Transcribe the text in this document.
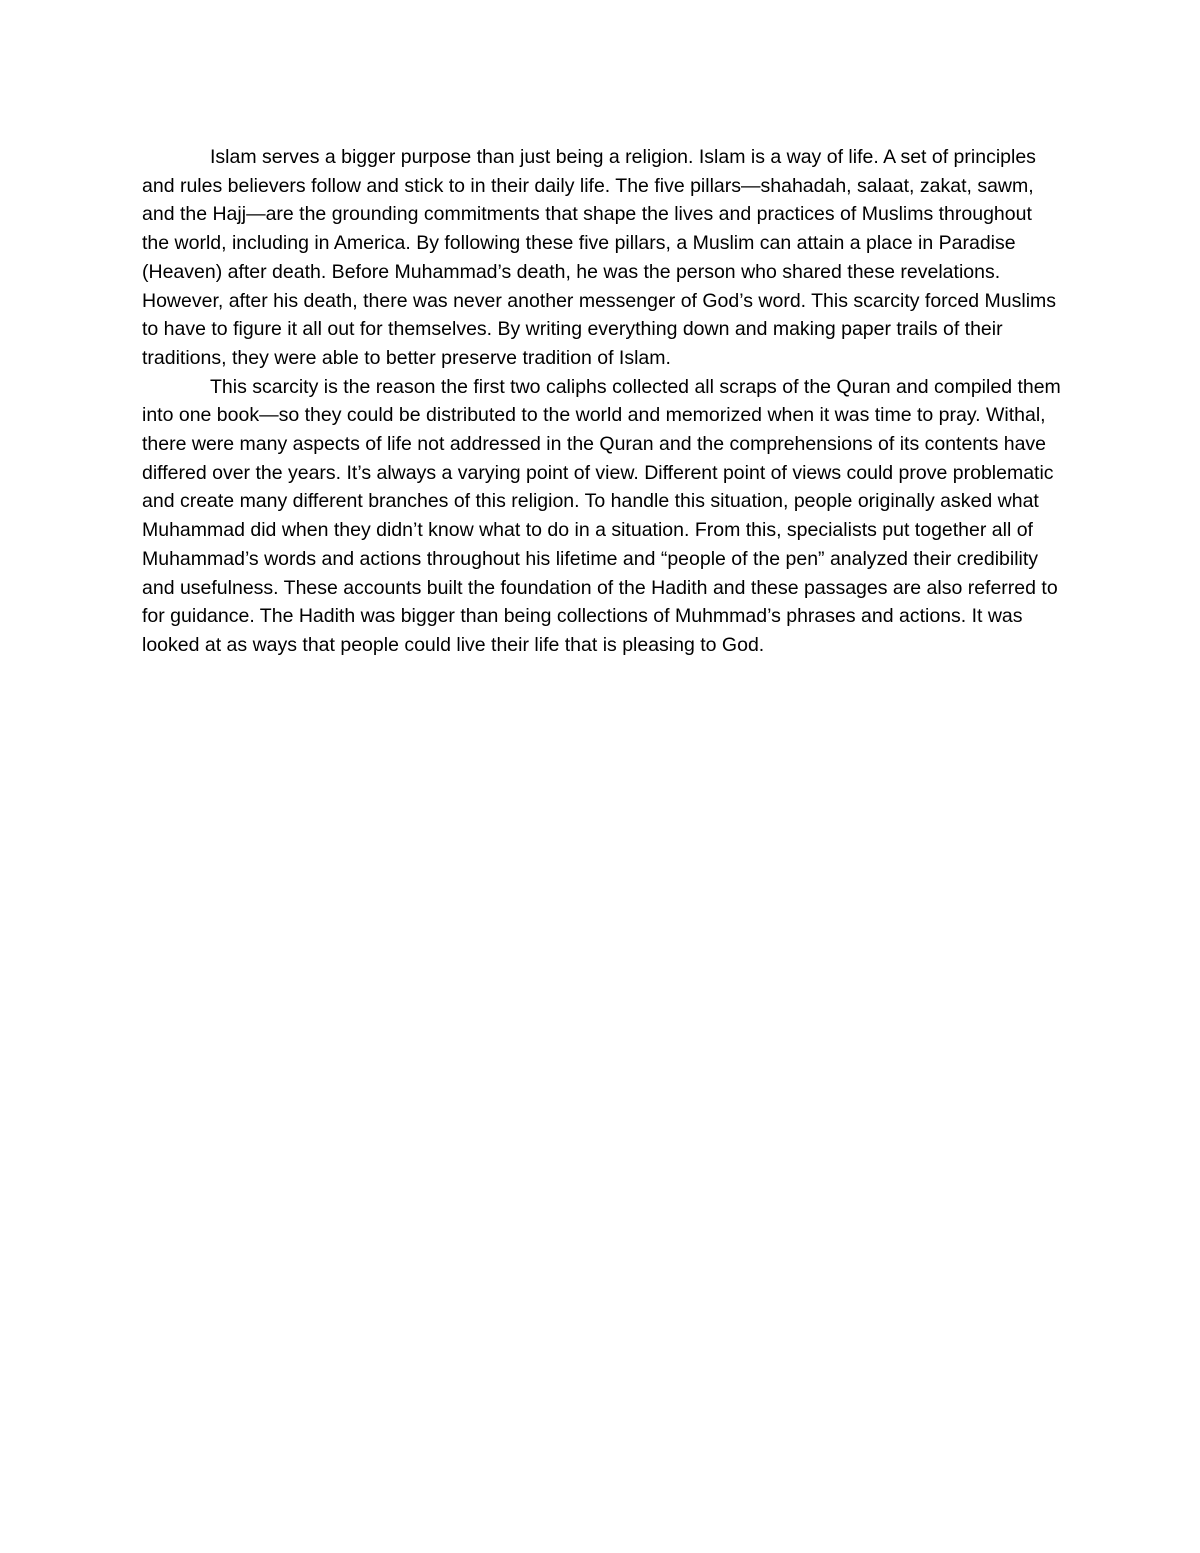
Islam serves a bigger purpose than just being a religion. Islam is a way of life. A set of principles and rules believers follow and stick to in their daily life. The five pillars—shahadah, salaat, zakat, sawm, and the Hajj—are the grounding commitments that shape the lives and practices of Muslims throughout the world, including in America. By following these five pillars, a Muslim can attain a place in Paradise (Heaven) after death. Before Muhammad’s death, he was the person who shared these revelations. However, after his death, there was never another messenger of God’s word. This scarcity forced Muslims to have to figure it all out for themselves. By writing everything down and making paper trails of their traditions, they were able to better preserve tradition of Islam.

This scarcity is the reason the first two caliphs collected all scraps of the Quran and compiled them into one book—so they could be distributed to the world and memorized when it was time to pray. Withal, there were many aspects of life not addressed in the Quran and the comprehensions of its contents have differed over the years. It’s always a varying point of view. Different point of views could prove problematic and create many different branches of this religion. To handle this situation, people originally asked what Muhammad did when they didn’t know what to do in a situation. From this, specialists put together all of Muhammad’s words and actions throughout his lifetime and “people of the pen” analyzed their credibility and usefulness. These accounts built the foundation of the Hadith and these passages are also referred to for guidance. The Hadith was bigger than being collections of Muhmmad’s phrases and actions. It was looked at as ways that people could live their life that is pleasing to God.
